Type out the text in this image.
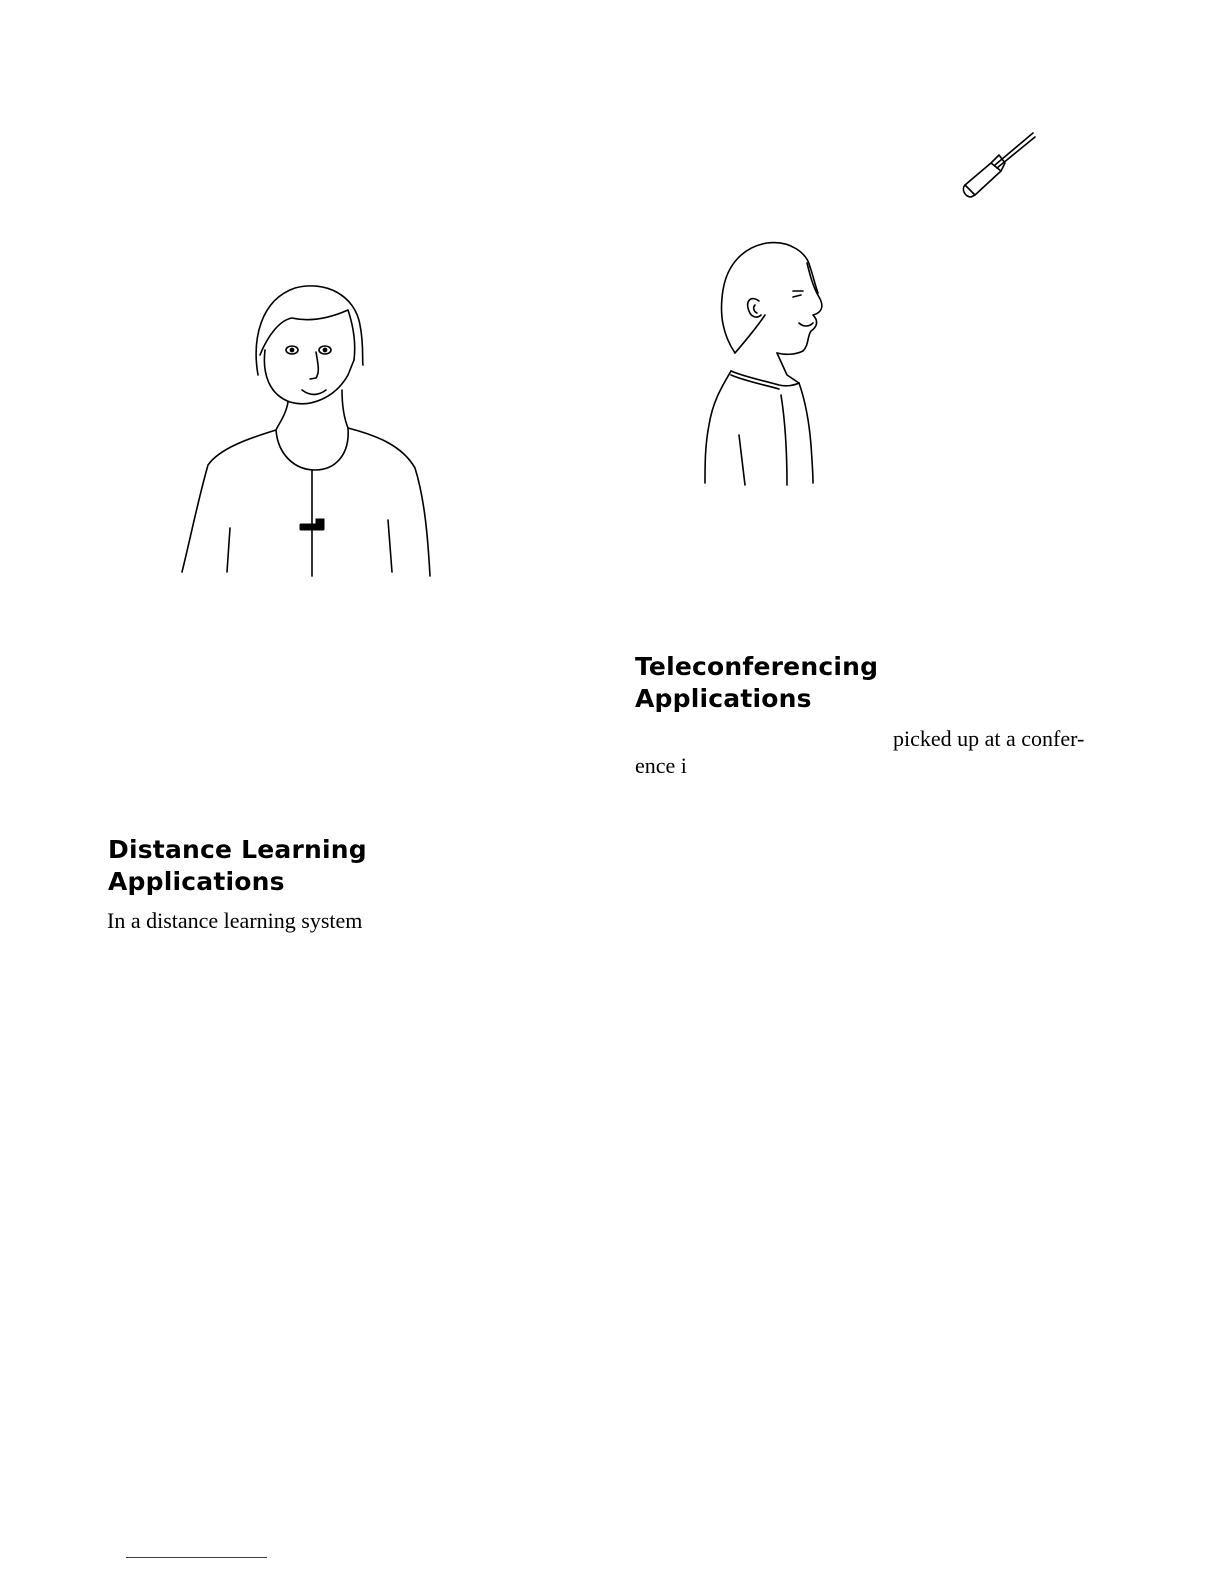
Teleconferencing
Applications

picked up at a confer-

ence i

Distance Learning
Applications

In a distance learning system
